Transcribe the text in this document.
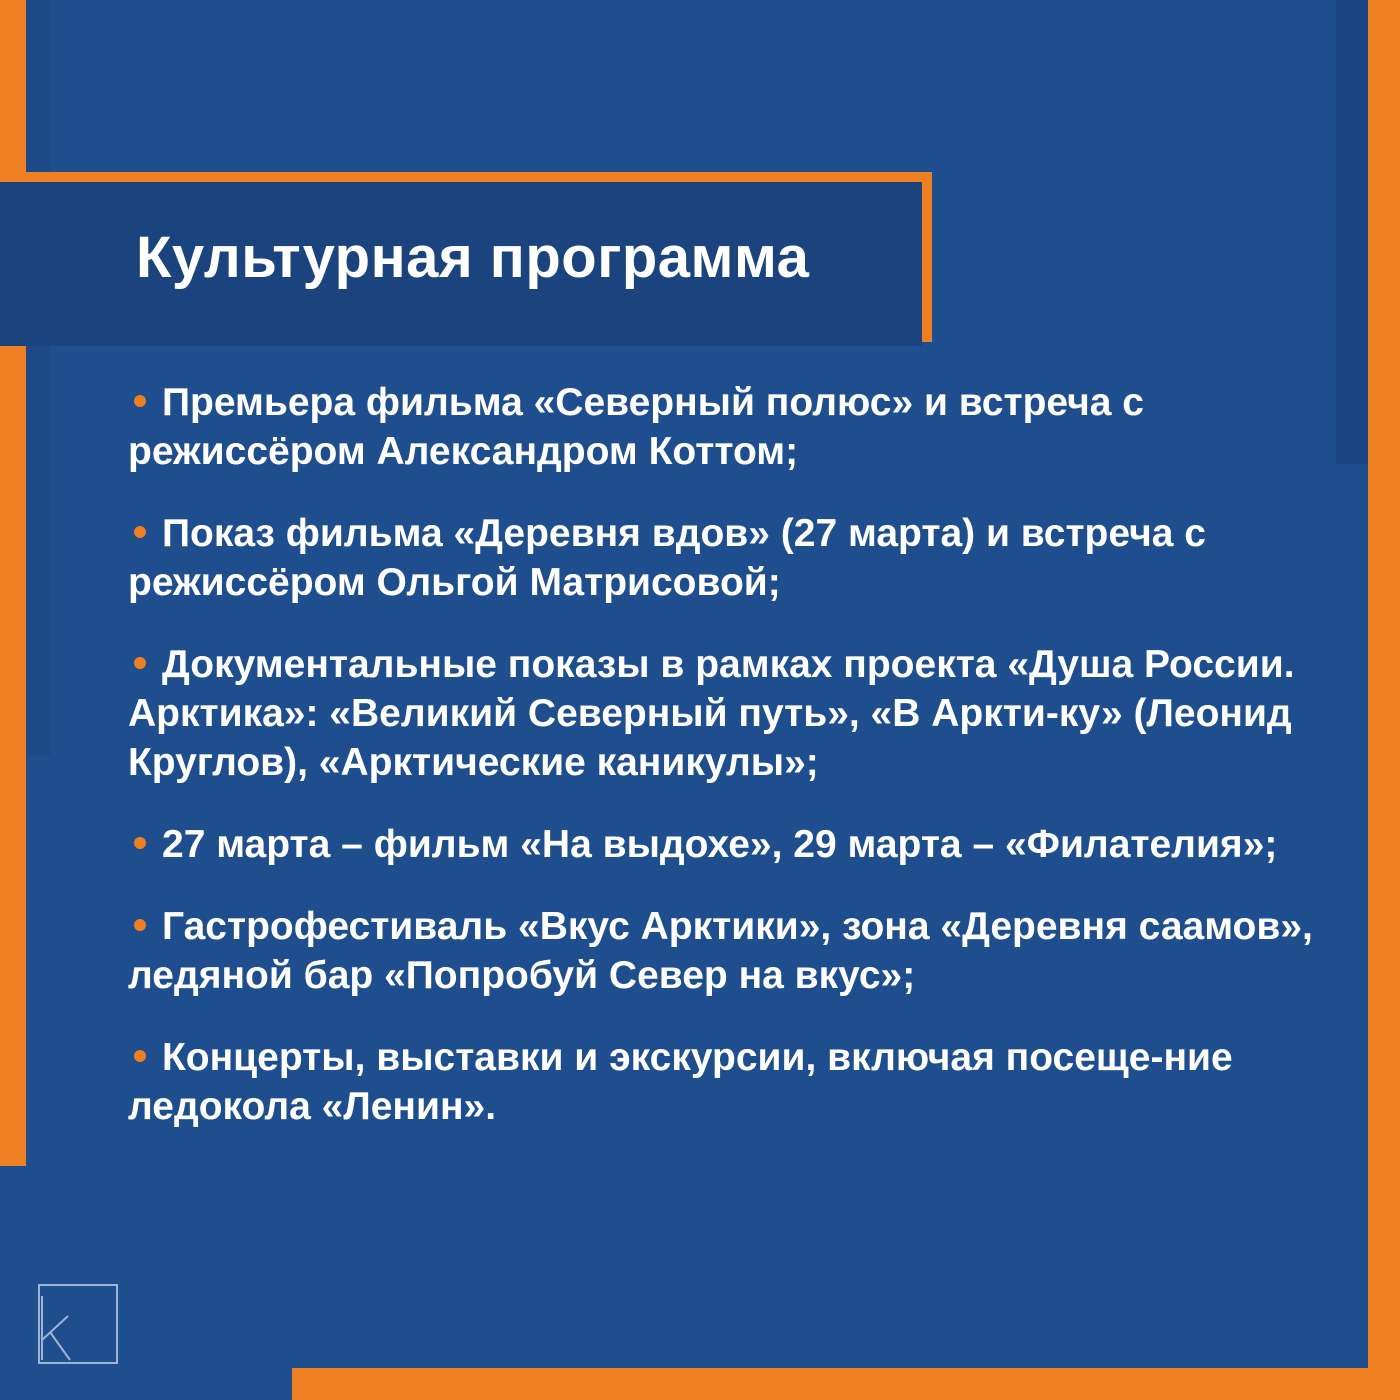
Культурная программа
Премьера фильма «Северный полюс» и встреча с режиссёром Александром Коттом;
Показ фильма «Деревня вдов» (27 марта) и встреча с режиссёром Ольгой Матрисовой;
Документальные показы в рамках проекта «Душа России. Арктика»: «Великий Северный путь», «В Аркти-ку» (Леонид Круглов), «Арктические каникулы»;
27 марта – фильм «На выдохе», 29 марта – «Филателия»;
Гастрофестиваль «Вкус Арктики», зона «Деревня саамов», ледяной бар «Попробуй Север на вкус»;
Концерты, выставки и экскурсии, включая посеще-ние ледокола «Ленин».
